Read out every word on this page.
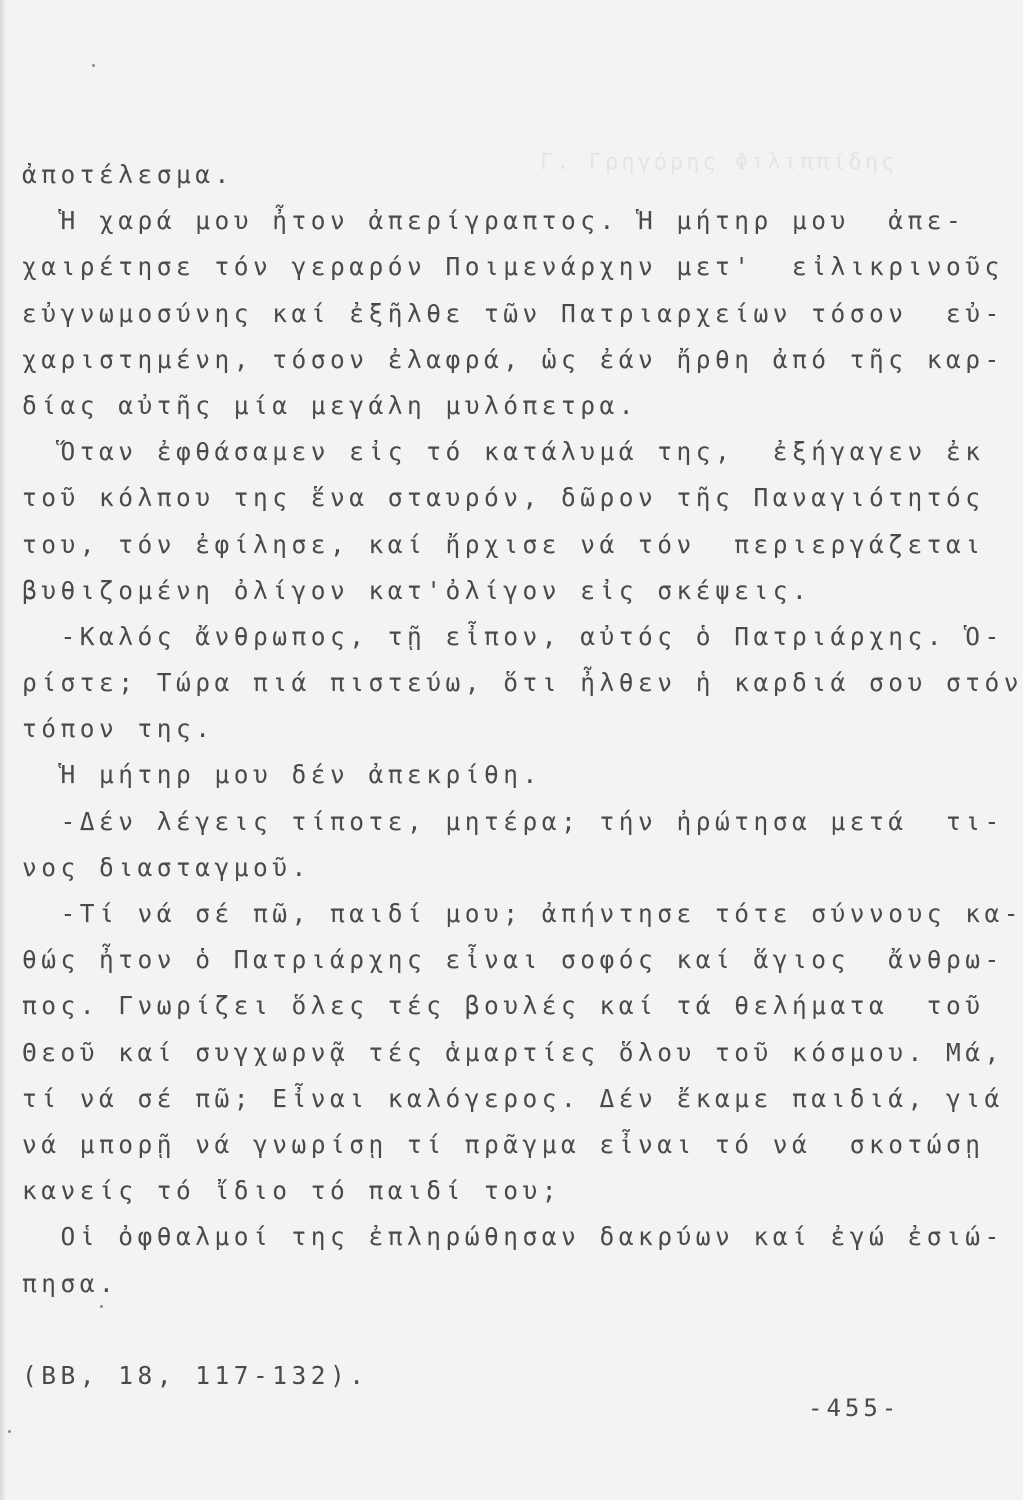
Γ. Γρηγόρης Φιλιππίδης
ἀποτέλεσμα.
Ἡ χαρά μου ἦτον ἀπερίγραπτος. Ἡ μήτηρ μου  ἀπε-
χαιρέτησε τόν γεραρόν Ποιμενάρχην μετ'  εἰλικρινοῦς
εὐγνωμοσύνης καί ἐξῆλθε τῶν Πατριαρχείων τόσον  εὐ-
χαριστημένη, τόσον ἐλαφρά, ὡς ἐάν ἤρθη ἀπό τῆς καρ-
δίας αὐτῆς μία μεγάλη μυλόπετρα.
Ὅταν ἐφθάσαμεν εἰς τό κατάλυμά της,  ἐξήγαγεν ἐκ
τοῦ κόλπου της ἕνα σταυρόν, δῶρον τῆς Παναγιότητός
του, τόν ἐφίλησε, καί ἤρχισε νά τόν  περιεργάζεται
βυθιζομένη ὀλίγον κατ'ὀλίγον εἰς σκέψεις.
-Καλός ἄνθρωπος, τῇ εἶπον, αὐτός ὁ Πατριάρχης. Ὁ-
ρίστε; Τώρα πιά πιστεύω, ὅτι ἦλθεν ἡ καρδιά σου στόν
τόπον της.
Ἡ μήτηρ μου δέν ἀπεκρίθη.
-Δέν λέγεις τίποτε, μητέρα; τήν ἠρώτησα μετά  τι-
νος διασταγμοῦ.
-Τί νά σέ πῶ, παιδί μου; ἀπήντησε τότε σύννους κα-
θώς ἦτον ὁ Πατριάρχης εἶναι σοφός καί ἅγιος  ἄνθρω-
πος. Γνωρίζει ὅλες τές βουλές καί τά θελήματα  τοῦ
Θεοῦ καί συγχωρνᾷ τές ἁμαρτίες ὅλου τοῦ κόσμου. Μά,
τί νά σέ πῶ; Εἶναι καλόγερος. Δέν ἔκαμε παιδιά, γιά
νά μπορῇ νά γνωρίσῃ τί πρᾶγμα εἶναι τό νά  σκοτώσῃ
κανείς τό ἴδιο τό παιδί του;
Οἱ ὀφθαλμοί της ἐπληρώθησαν δακρύων καί ἐγώ ἐσιώ-
πησα.
(ΒΒ, 18, 117-132).
-455-
